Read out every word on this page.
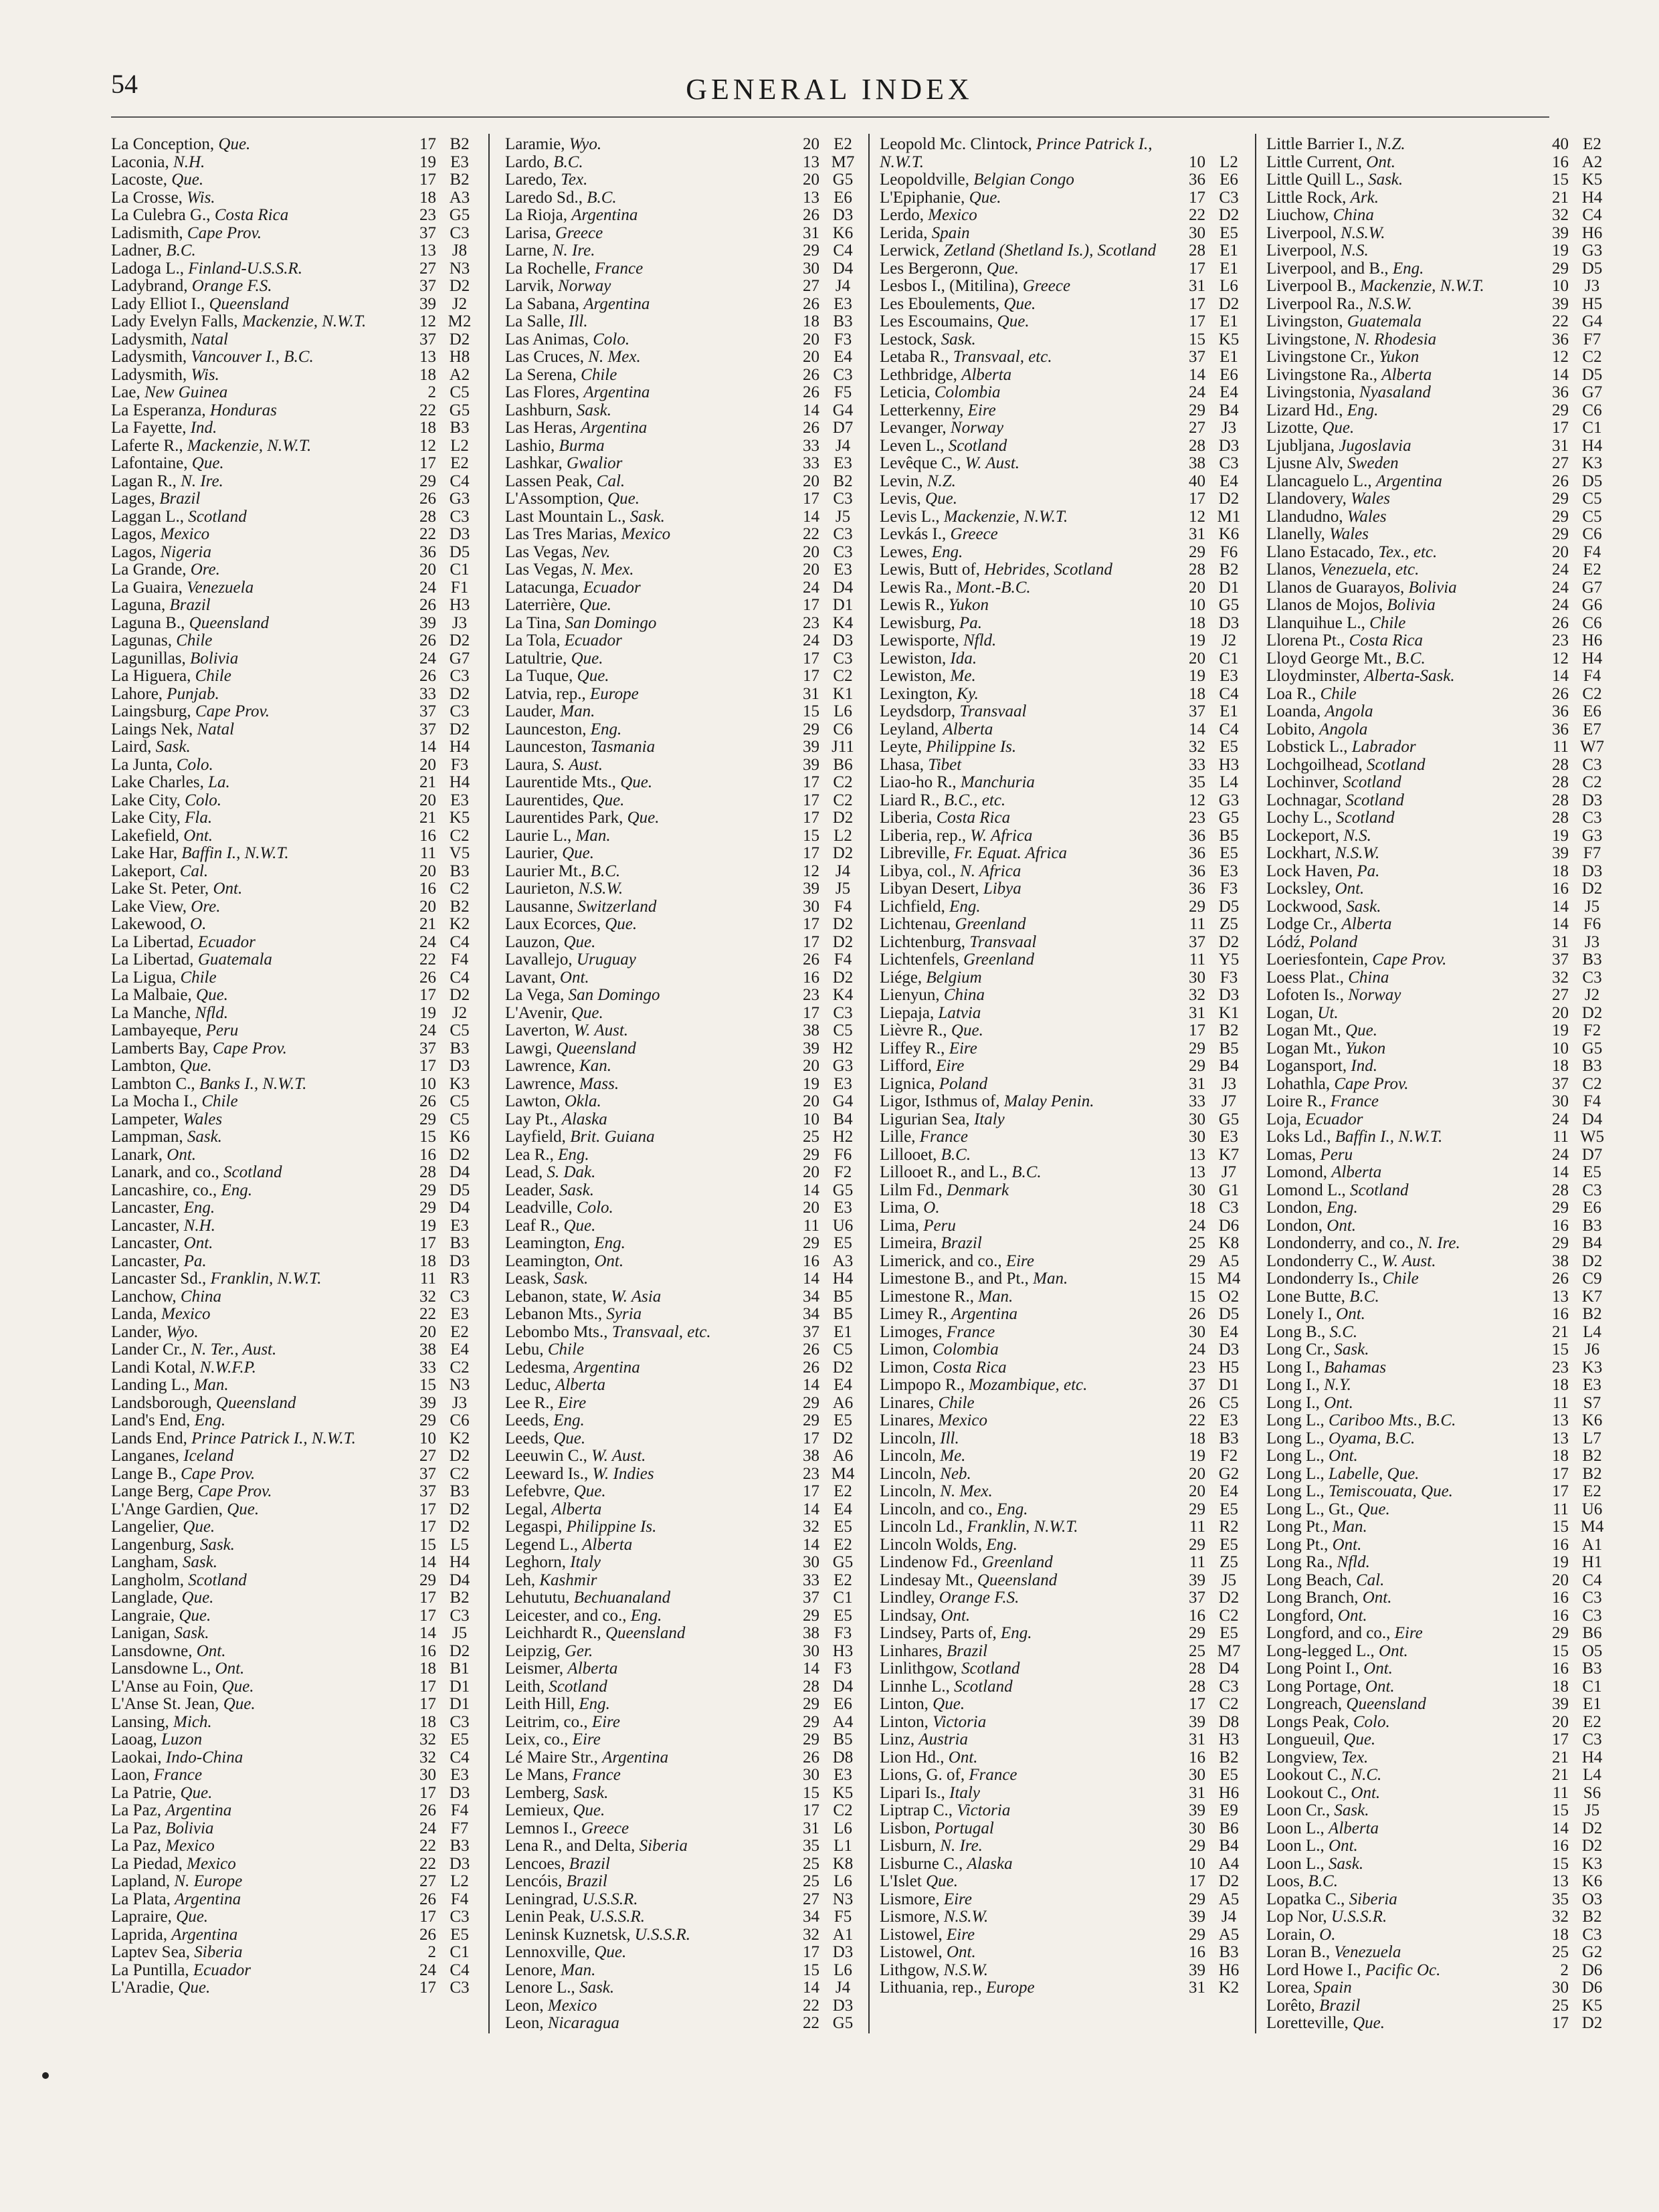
54	GENERAL INDEX
La Conception, Que.	17 B2
Laconia, N.H.	19 E3
Lacoste, Que.	17 B2
La Crosse, Wis.	18 A3
La Culebra G., Costa Rica	23 G5
Ladismith, Cape Prov.	37 C3
Ladner, B.C.	13 J8
Ladoga L., Finland-U.S.S.R.	27 N3
Ladybrand, Orange F.S.	37 D2
Lady Elliot I., Queensland	39 J2
Lady Evelyn Falls, Mackenzie, N.W.T.	12 M2
Ladysmith, Natal	37 D2
Ladysmith, Vancouver I., B.C.	13 H8
Ladysmith, Wis.	18 A2
Lae, New Guinea	2 C5
La Esperanza, Honduras	22 G5
La Fayette, Ind.	18 B3
Laferte R., Mackenzie, N.W.T.	12 L2
Lafontaine, Que.	17 E2
Lagan R., N. Ire.	29 C4
Lages, Brazil	26 G3
Laggan L., Scotland	28 C3
Lagos, Mexico	22 D3
Lagos, Nigeria	36 D5
La Grande, Ore.	20 C1
La Guaira, Venezuela	24 F1
Laguna, Brazil	26 H3
Laguna B., Queensland	39 J3
Lagunas, Chile	26 D2
Lagunillas, Bolivia	24 G7
La Higuera, Chile	26 C3
Lahore, Punjab.	33 D2
Laingsburg, Cape Prov.	37 C3
Laings Nek, Natal	37 D2
Laird, Sask.	14 H4
La Junta, Colo.	20 F3
Lake Charles, La.	21 H4
Lake City, Colo.	20 E3
Lake City, Fla.	21 K5
Lakefield, Ont.	16 C2
Lake Har, Baffin I., N.W.T.	11 V5
Lakeport, Cal.	20 B3
Lake St. Peter, Ont.	16 C2
Lake View, Ore.	20 B2
Lakewood, O.	21 K2
La Libertad, Ecuador	24 C4
La Libertad, Guatemala	22 F4
La Ligua, Chile	26 C4
La Malbaie, Que.	17 D2
La Manche, Nfld.	19 J2
Lambayeque, Peru	24 C5
Lamberts Bay, Cape Prov.	37 B3
Lambton, Que.	17 D3
Lambton C., Banks I., N.W.T.	10 K3
La Mocha I., Chile	26 C5
Lampeter, Wales	29 C5
Lampman, Sask.	15 K6
Lanark, Ont.	16 D2
Lanark, and co., Scotland	28 D4
Lancashire, co., Eng.	29 D5
Lancaster, Eng.	29 D4
Lancaster, N.H.	19 E3
Lancaster, Ont.	17 B3
Lancaster, Pa.	18 D3
Lancaster Sd., Franklin, N.W.T.	11 R3
Lanchow, China	32 C3
Landa, Mexico	22 E3
Lander, Wyo.	20 E2
Lander Cr., N. Ter., Aust.	38 E4
Landi Kotal, N.W.F.P.	33 C2
Landing L., Man.	15 N3
Landsborough, Queensland	39 J3
Land's End, Eng.	29 C6
Lands End, Prince Patrick I., N.W.T.	10 K2
Langanes, Iceland	27 D2
Lange B., Cape Prov.	37 C2
Lange Berg, Cape Prov.	37 B3
L'Ange Gardien, Que.	17 D2
Langelier, Que.	17 D2
Langenburg, Sask.	15 L5
Langham, Sask.	14 H4
Langholm, Scotland	29 D4
Langlade, Que.	17 B2
Langraie, Que.	17 C3
Lanigan, Sask.	14 J5
Lansdowne, Ont.	16 D2
Lansdowne L., Ont.	18 B1
L'Anse au Foin, Que.	17 D1
L'Anse St. Jean, Que.	17 D1
Lansing, Mich.	18 C3
Laoag, Luzon	32 E5
Laokai, Indo-China	32 C4
Laon, France	30 E3
La Patrie, Que.	17 D3
La Paz, Argentina	26 F4
La Paz, Bolivia	24 F7
La Paz, Mexico	22 B3
La Piedad, Mexico	22 D3
Lapland, N. Europe	27 L2
La Plata, Argentina	26 F4
Lapraire, Que.	17 C3
Laprida, Argentina	26 E5
Laptev Sea, Siberia	2 C1
La Puntilla, Ecuador	24 C4
L'Aradie, Que.	17 C3
Laramie, Wyo.	20 E2
Lardo, B.C.	13 M7
Laredo, Tex.	20 G5
Laredo Sd., B.C.	13 E6
La Rioja, Argentina	26 D3
Larisa, Greece	31 K6
Larne, N. Ire.	29 C4
La Rochelle, France	30 D4
Larvik, Norway	27 J4
La Sabana, Argentina	26 E3
La Salle, Ill.	18 B3
Las Animas, Colo.	20 F3
Las Cruces, N. Mex.	20 E4
La Serena, Chile	26 C3
Las Flores, Argentina	26 F5
Lashburn, Sask.	14 G4
Las Heras, Argentina	26 D7
Lashio, Burma	33 J4
Lashkar, Gwalior	33 E3
Lassen Peak, Cal.	20 B2
L'Assomption, Que.	17 C3
Last Mountain L., Sask.	14 J5
Las Tres Marias, Mexico	22 C3
Las Vegas, Nev.	20 C3
Las Vegas, N. Mex.	20 E3
Latacunga, Ecuador	24 D4
Laterrière, Que.	17 D1
La Tina, San Domingo	23 K4
La Tola, Ecuador	24 D3
Latultrie, Que.	17 C3
La Tuque, Que.	17 C2
Latvia, rep., Europe	31 K1
Lauder, Man.	15 L6
Launceston, Eng.	29 C6
Launceston, Tasmania	39 J11
Laura, S. Aust.	39 B6
Laurentide Mts., Que.	17 C2
Laurentides, Que.	17 C2
Laurentides Park, Que.	17 D2
Laurie L., Man.	15 L2
Laurier, Que.	17 D2
Laurier Mt., B.C.	12 J4
Laurieton, N.S.W.	39 J5
Lausanne, Switzerland	30 F4
Laux Ecorces, Que.	17 D2
Lauzon, Que.	17 D2
Lavallejo, Uruguay	26 F4
Lavant, Ont.	16 D2
La Vega, San Domingo	23 K4
L'Avenir, Que.	17 C3
Laverton, W. Aust.	38 C5
Lawgi, Queensland	39 H2
Lawrence, Kan.	20 G3
Lawrence, Mass.	19 E3
Lawton, Okla.	20 G4
Lay Pt., Alaska	10 B4
Layfield, Brit. Guiana	25 H2
Lea R., Eng.	29 F6
Lead, S. Dak.	20 F2
Leader, Sask.	14 G5
Leadville, Colo.	20 E3
Leaf R., Que.	11 U6
Leamington, Eng.	29 E5
Leamington, Ont.	16 A3
Leask, Sask.	14 H4
Lebanon, state, W. Asia	34 B5
Lebanon Mts., Syria	34 B5
Lebombo Mts., Transvaal, etc.	37 E1
Lebu, Chile	26 C5
Ledesma, Argentina	26 D2
Leduc, Alberta	14 E4
Lee R., Eire	29 A6
Leeds, Eng.	29 E5
Leeds, Que.	17 D2
Leeuwin C., W. Aust.	38 A6
Leeward Is., W. Indies	23 M4
Lefebvre, Que.	17 E2
Legal, Alberta	14 E4
Legaspi, Philippine Is.	32 E5
Legend L., Alberta	14 E2
Leghorn, Italy	30 G5
Leh, Kashmir	33 E2
Lehututu, Bechuanaland	37 C1
Leicester, and co., Eng.	29 E5
Leichhardt R., Queensland	38 F3
Leipzig, Ger.	30 H3
Leismer, Alberta	14 F3
Leith, Scotland	28 D4
Leith Hill, Eng.	29 E6
Leitrim, co., Eire	29 A4
Leix, co., Eire	29 B5
Lé Maire Str., Argentina	26 D8
Le Mans, France	30 E3
Lemberg, Sask.	15 K5
Lemieux, Que.	17 C2
Lemnos I., Greece	31 L6
Lena R., and Delta, Siberia	35 L1
Lencoes, Brazil	25 K8
Lencóis, Brazil	25 L6
Leningrad, U.S.S.R.	27 N3
Lenin Peak, U.S.S.R.	34 F5
Leninsk Kuznetsk, U.S.S.R.	32 A1
Lennoxville, Que.	17 D3
Lenore, Man.	15 L6
Lenore L., Sask.	14 J4
Leon, Mexico	22 D3
Leon, Nicaragua	22 G5
Leopold Mc. Clintock, Prince Patrick I., N.W.T.	10 L2
Leopoldville, Belgian Congo	36 E6
L'Epiphanie, Que.	17 C3
Lerdo, Mexico	22 D2
Lerida, Spain	30 E5
Lerwick, Zetland (Shetland Is.), Scotland	28 E1
Les Bergeronn, Que.	17 E1
Lesbos I., (Mitilina), Greece	31 L6
Les Eboulements, Que.	17 D2
Les Escoumains, Que.	17 E1
Lestock, Sask.	15 K5
Letaba R., Transvaal, etc.	37 E1
Lethbridge, Alberta	14 E6
Leticia, Colombia	24 E4
Letterkenny, Eire	29 B4
Levanger, Norway	27 J3
Leven L., Scotland	28 D3
Levêque C., W. Aust.	38 C3
Levin, N.Z.	40 E4
Levis, Que.	17 D2
Levis L., Mackenzie, N.W.T.	12 M1
Levkás I., Greece	31 K6
Lewes, Eng.	29 F6
Lewis, Butt of, Hebrides, Scotland	28 B2
Lewis Ra., Mont.-B.C.	20 D1
Lewis R., Yukon	10 G5
Lewisburg, Pa.	18 D3
Lewisporte, Nfld.	19 J2
Lewiston, Ida.	20 C1
Lewiston, Me.	19 E3
Lexington, Ky.	18 C4
Leydsdorp, Transvaal	37 E1
Leyland, Alberta	14 C4
Leyte, Philippine Is.	32 E5
Lhasa, Tibet	33 H3
Liao-ho R., Manchuria	35 L4
Liard R., B.C., etc.	12 G3
Liberia, Costa Rica	23 G5
Liberia, rep., W. Africa	36 B5
Libreville, Fr. Equat. Africa	36 E5
Libya, col., N. Africa	36 E3
Libyan Desert, Libya	36 F3
Lichfield, Eng.	29 D5
Lichtenau, Greenland	11 Z5
Lichtenburg, Transvaal	37 D2
Lichtenfels, Greenland	11 Y5
Liége, Belgium	30 F3
Lienyun, China	32 D3
Liepaja, Latvia	31 K1
Lièvre R., Que.	17 B2
Liffey R., Eire	29 B5
Lifford, Eire	29 B4
Lignica, Poland	31 J3
Ligor, Isthmus of, Malay Penin.	33 J7
Ligurian Sea, Italy	30 G5
Lille, France	30 E3
Lillooet, B.C.	13 K7
Lillooet R., and L., B.C.	13 J7
Lilm Fd., Denmark	30 G1
Lima, O.	18 C3
Lima, Peru	24 D6
Limeira, Brazil	25 K8
Limerick, and co., Eire	29 A5
Limestone B., and Pt., Man.	15 M4
Limestone R., Man.	15 O2
Limey R., Argentina	26 D5
Limoges, France	30 E4
Limon, Colombia	24 D3
Limon, Costa Rica	23 H5
Limpopo R., Mozambique, etc.	37 D1
Linares, Chile	26 C5
Linares, Mexico	22 E3
Lincoln, Ill.	18 B3
Lincoln, Me.	19 F2
Lincoln, Neb.	20 G2
Lincoln, N. Mex.	20 E4
Lincoln, and co., Eng.	29 E5
Lincoln Ld., Franklin, N.W.T.	11 R2
Lincoln Wolds, Eng.	29 E5
Lindenow Fd., Greenland	11 Z5
Lindesay Mt., Queensland	39 J5
Lindley, Orange F.S.	37 D2
Lindsay, Ont.	16 C2
Lindsey, Parts of, Eng.	29 E5
Linhares, Brazil	25 M7
Linlithgow, Scotland	28 D4
Linnhe L., Scotland	28 C3
Linton, Que.	17 C2
Linton, Victoria	39 D8
Linz, Austria	31 H3
Lion Hd., Ont.	16 B2
Lions, G. of, France	30 E5
Lipari Is., Italy	31 H6
Liptrap C., Victoria	39 E9
Lisbon, Portugal	30 B6
Lisburn, N. Ire.	29 B4
Lisburne C., Alaska	10 A4
L'Islet Que.	17 D2
Lismore, Eire	29 A5
Lismore, N.S.W.	39 J4
Listowel, Eire	29 A5
Listowel, Ont.	16 B3
Lithgow, N.S.W.	39 H6
Lithuania, rep., Europe	31 K2
Little Barrier I., N.Z.	40 E2
Little Current, Ont.	16 A2
Little Quill L., Sask.	15 K5
Little Rock, Ark.	21 H4
Liuchow, China	32 C4
Liverpool, N.S.W.	39 H6
Liverpool, N.S.	19 G3
Liverpool, and B., Eng.	29 D5
Liverpool B., Mackenzie, N.W.T.	10 J3
Liverpool Ra., N.S.W.	39 H5
Livingston, Guatemala	22 G4
Livingstone, N. Rhodesia	36 F7
Livingstone Cr., Yukon	12 C2
Livingstone Ra., Alberta	14 D5
Livingstonia, Nyasaland	36 G7
Lizard Hd., Eng.	29 C6
Lizotte, Que.	17 C1
Ljubljana, Jugoslavia	31 H4
Ljusne Alv, Sweden	27 K3
Llancaguelo L., Argentina	26 D5
Llandovery, Wales	29 C5
Llandudno, Wales	29 C5
Llanelly, Wales	29 C6
Llano Estacado, Tex., etc.	20 F4
Llanos, Venezuela, etc.	24 E2
Llanos de Guarayos, Bolivia	24 G7
Llanos de Mojos, Bolivia	24 G6
Llanquihue L., Chile	26 C6
Llorena Pt., Costa Rica	23 H6
Lloyd George Mt., B.C.	12 H4
Lloydminster, Alberta-Sask.	14 F4
Loa R., Chile	26 C2
Loanda, Angola	36 E6
Lobito, Angola	36 E7
Lobstick L., Labrador	11 W7
Lochgoilhead, Scotland	28 C3
Lochinver, Scotland	28 C2
Lochnagar, Scotland	28 D3
Lochy L., Scotland	28 C3
Lockeport, N.S.	19 G3
Lockhart, N.S.W.	39 F7
Lock Haven, Pa.	18 D3
Locksley, Ont.	16 D2
Lockwood, Sask.	14 J5
Lodge Cr., Alberta	14 F6
Lódź, Poland	31 J3
Loeriesfontein, Cape Prov.	37 B3
Loess Plat., China	32 C3
Lofoten Is., Norway	27 J2
Logan, Ut.	20 D2
Logan Mt., Que.	19 F2
Logan Mt., Yukon	10 G5
Logansport, Ind.	18 B3
Lohathla, Cape Prov.	37 C2
Loire R., France	30 F4
Loja, Ecuador	24 D4
Loks Ld., Baffin I., N.W.T.	11 W5
Lomas, Peru	24 D7
Lomond, Alberta	14 E5
Lomond L., Scotland	28 C3
London, Eng.	29 E6
London, Ont.	16 B3
Londonderry, and co., N. Ire.	29 B4
Londonderry C., W. Aust.	38 D2
Londonderry Is., Chile	26 C9
Lone Butte, B.C.	13 K7
Lonely I., Ont.	16 B2
Long B., S.C.	21 L4
Long Cr., Sask.	15 J6
Long I., Bahamas	23 K3
Long I., N.Y.	18 E3
Long I., Ont.	11 S7
Long L., Cariboo Mts., B.C.	13 K6
Long L., Oyama, B.C.	13 L7
Long L., Ont.	18 B2
Long L., Labelle, Que.	17 B2
Long L., Temiscouata, Que.	17 E2
Long L., Gt., Que.	11 U6
Long Pt., Man.	15 M4
Long Pt., Ont.	16 A1
Long Ra., Nfld.	19 H1
Long Beach, Cal.	20 C4
Long Branch, Ont.	16 C3
Longford, Ont.	16 C3
Longford, and co., Eire	29 B6
Long-legged L., Ont.	15 O5
Long Point I., Ont.	16 B3
Long Portage, Ont.	18 C1
Longreach, Queensland	39 E1
Longs Peak, Colo.	20 E2
Longueuil, Que.	17 C3
Longview, Tex.	21 H4
Lookout C., N.C.	21 L4
Lookout C., Ont.	11 S6
Loon Cr., Sask.	15 J5
Loon L., Alberta	14 D2
Loon L., Ont.	16 D2
Loon L., Sask.	15 K3
Loos, B.C.	13 K6
Lopatka C., Siberia	35 O3
Lop Nor, U.S.S.R.	32 B2
Lorain, O.	18 C3
Loran B., Venezuela	25 G2
Lord Howe I., Pacific Oc.	2 D6
Lorea, Spain	30 D6
Lorêto, Brazil	25 K5
Loretteville, Que.	17 D2
